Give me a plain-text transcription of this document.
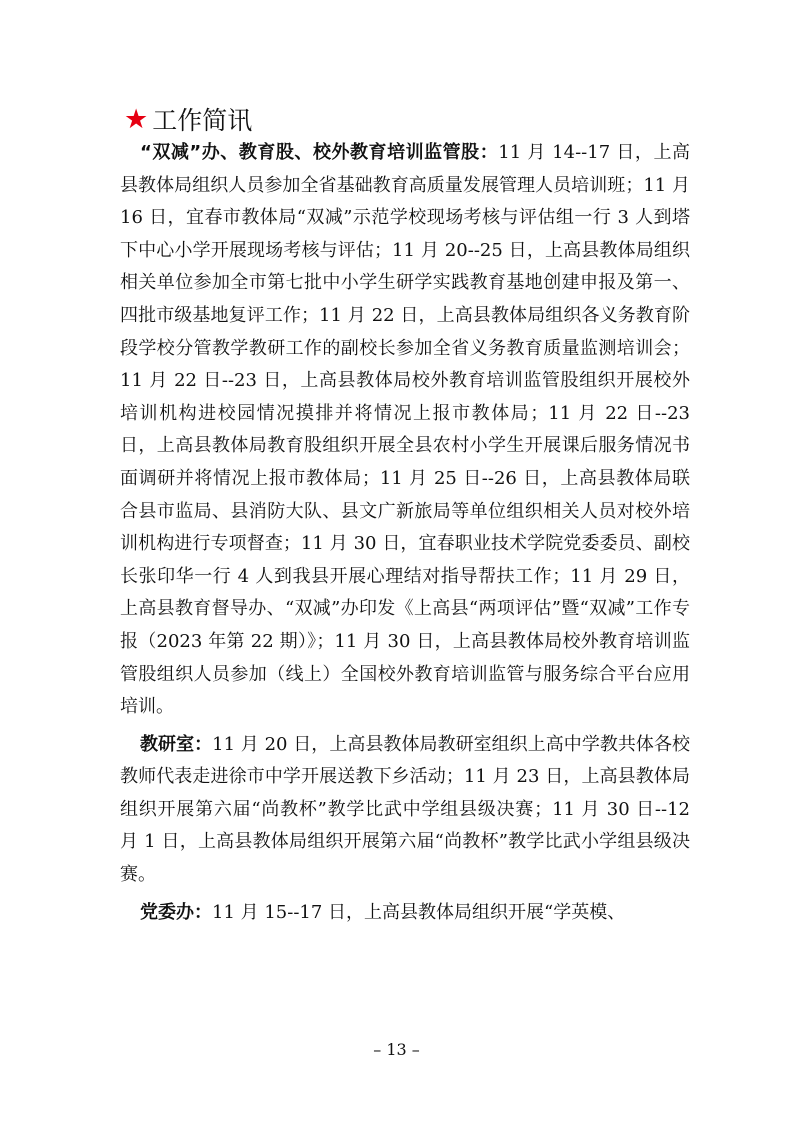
★ 工作简讯

“双减”办、教育股、校外教育培训监管股：11 月 14--17 日，上高县教体局组织人员参加全省基础教育高质量发展管理人员培训班；11 月 16 日，宜春市教体局“双减”示范学校现场考核与评估组一行 3 人到塔下中心小学开展现场考核与评估；11 月 20--25 日，上高县教体局组织相关单位参加全市第七批中小学生研学实践教育基地创建申报及第一、四批市级基地复评工作；11 月 22 日，上高县教体局组织各义务教育阶段学校分管教学教研工作的副校长参加全省义务教育质量监测培训会；11 月 22 日--23 日，上高县教体局校外教育培训监管股组织开展校外培训机构进校园情况摸排并将情况上报市教体局；11 月 22 日--23 日，上高县教体局教育股组织开展全县农村小学生开展课后服务情况书面调研并将情况上报市教体局；11 月 25 日--26 日，上高县教体局联合县市监局、县消防大队、县文广新旅局等单位组织相关人员对校外培训机构进行专项督查；11 月 30 日，宜春职业技术学院党委委员、副校长张印华一行 4 人到我县开展心理结对指导帮扶工作；11 月 29 日，上高县教育督导办、“双减”办印发《上高县“两项评估”暨“双减”工作专报（2023 年第 22 期）》；11 月 30 日，上高县教体局校外教育培训监管股组织人员参加（线上）全国校外教育培训监管与服务综合平台应用培训。

教研室：11 月 20 日，上高县教体局教研室组织上高中学教共体各校教师代表走进徐市中学开展送教下乡活动；11 月 23 日，上高县教体局组织开展第六届“尚教杯”教学比武中学组县级决赛；11 月 30 日--12 月 1 日，上高县教体局组织开展第六届“尚教杯”教学比武小学组县级决赛。

党委办：11 月 15--17 日，上高县教体局组织开展“学英模、

– 13 –
